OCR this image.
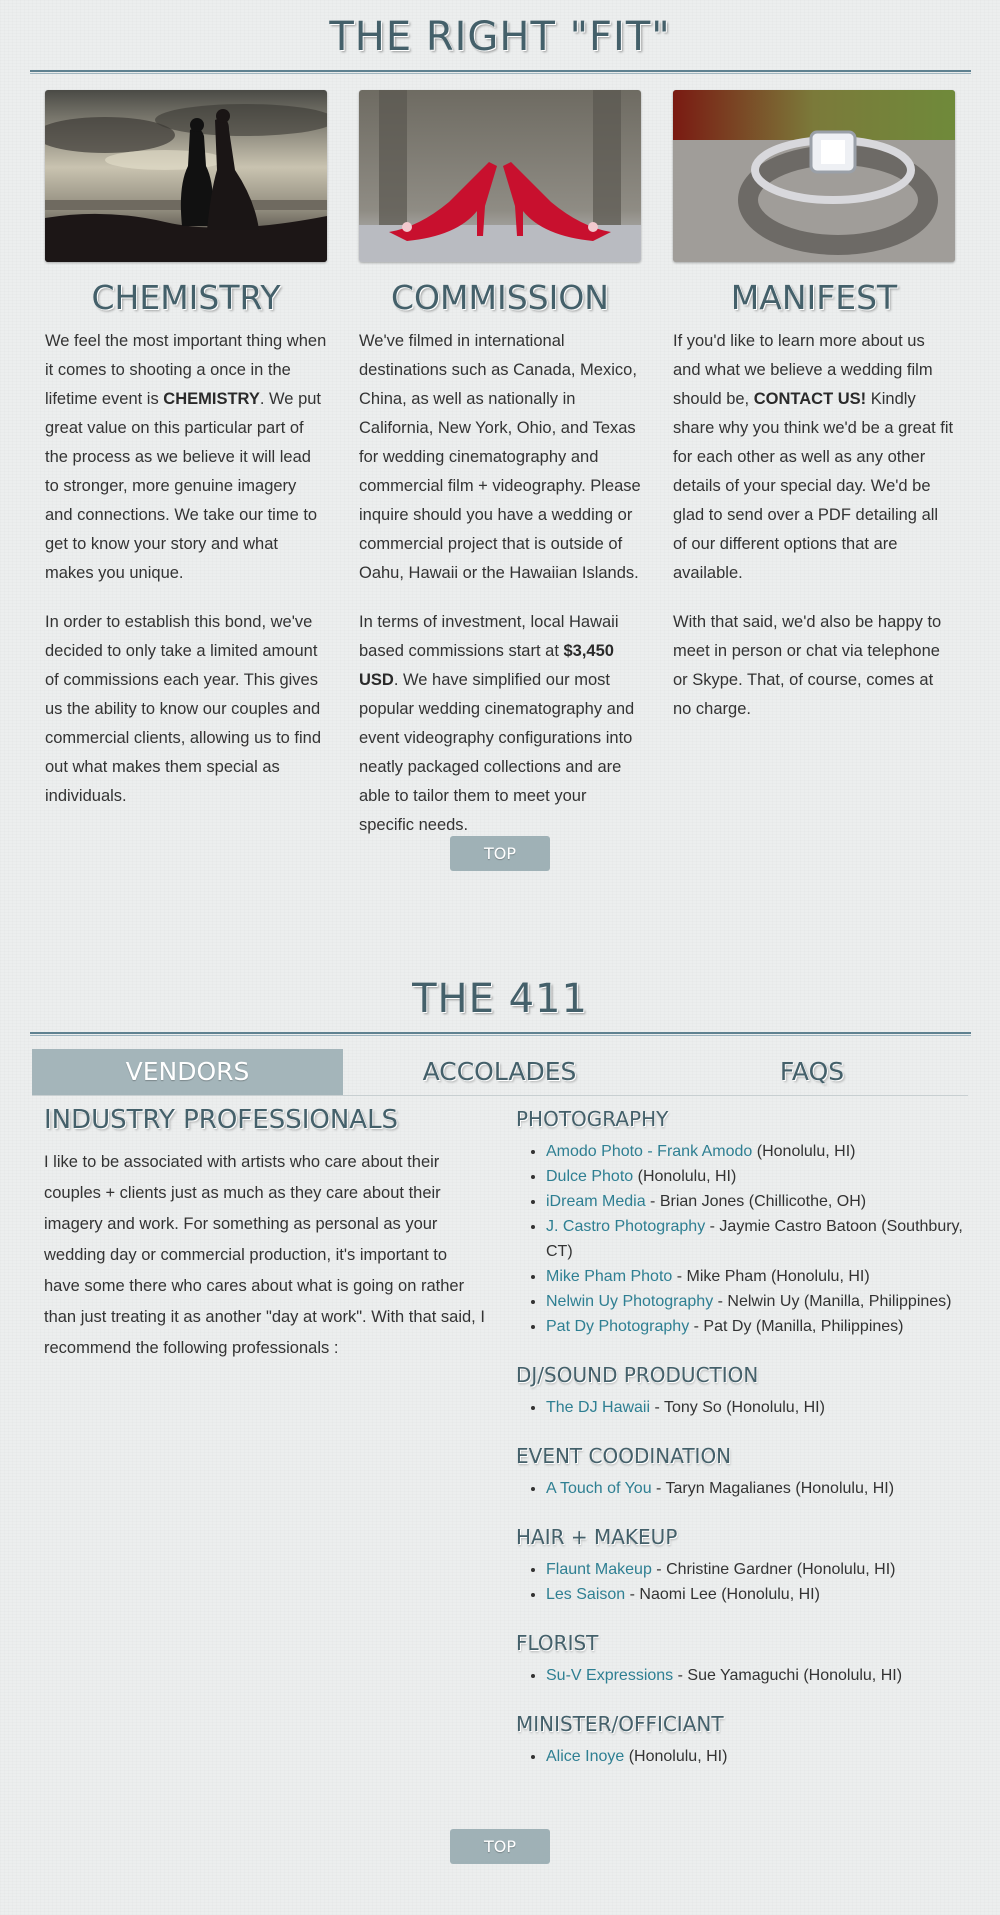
THE RIGHT "FIT"
CHEMISTRY

We feel the most important thing when it comes to shooting a once in the lifetime event is CHEMISTRY. We put great value on this particular part of the process as we believe it will lead to stronger, more genuine imagery and connections. We take our time to get to know your story and what makes you unique.

In order to establish this bond, we've decided to only take a limited amount of commissions each year. This gives us the ability to know our couples and commercial clients, allowing us to find out what makes them special as individuals.

COMMISSION

We've filmed in international destinations such as Canada, Mexico, China, as well as nationally in California, New York, Ohio, and Texas for wedding cinematography and commercial film + videography. Please inquire should you have a wedding or commercial project that is outside of Oahu, Hawaii or the Hawaiian Islands.

In terms of investment, local Hawaii based commissions start at $3,450 USD. We have simplified our most popular wedding cinematography and event videography configurations into neatly packaged collections and are able to tailor them to meet your specific needs.

MANIFEST

If you'd like to learn more about us and what we believe a wedding film should be, CONTACT US! Kindly share why you think we'd be a great fit for each other as well as any other details of your special day. We'd be glad to send over a PDF detailing all of our different options that are available.

With that said, we'd also be happy to meet in person or chat via telephone or Skype. That, of course, comes at no charge.

TOP
THE 411
VENDORS	ACCOLADES	FAQS
INDUSTRY PROFESSIONALS

I like to be associated with artists who care about their couples + clients just as much as they care about their imagery and work. For something as personal as your wedding day or commercial production, it's important to have some there who cares about what is going on rather than just treating it as another "day at work". With that said, I recommend the following professionals :

PHOTOGRAPHY
• Amodo Photo - Frank Amodo (Honolulu, HI)
• Dulce Photo (Honolulu, HI)
• iDream Media - Brian Jones (Chillicothe, OH)
• J. Castro Photography - Jaymie Castro Batoon (Southbury, CT)
• Mike Pham Photo - Mike Pham (Honolulu, HI)
• Nelwin Uy Photography - Nelwin Uy (Manilla, Philippines)
• Pat Dy Photography - Pat Dy (Manilla, Philippines)
DJ/SOUND PRODUCTION
• The DJ Hawaii - Tony So (Honolulu, HI)
EVENT COODINATION
• A Touch of You - Taryn Magalianes (Honolulu, HI)
HAIR + MAKEUP
• Flaunt Makeup - Christine Gardner (Honolulu, HI)
• Les Saison - Naomi Lee (Honolulu, HI)
FLORIST
• Su-V Expressions - Sue Yamaguchi (Honolulu, HI)
MINISTER/OFFICIANT
• Alice Inoye (Honolulu, HI)
TOP
